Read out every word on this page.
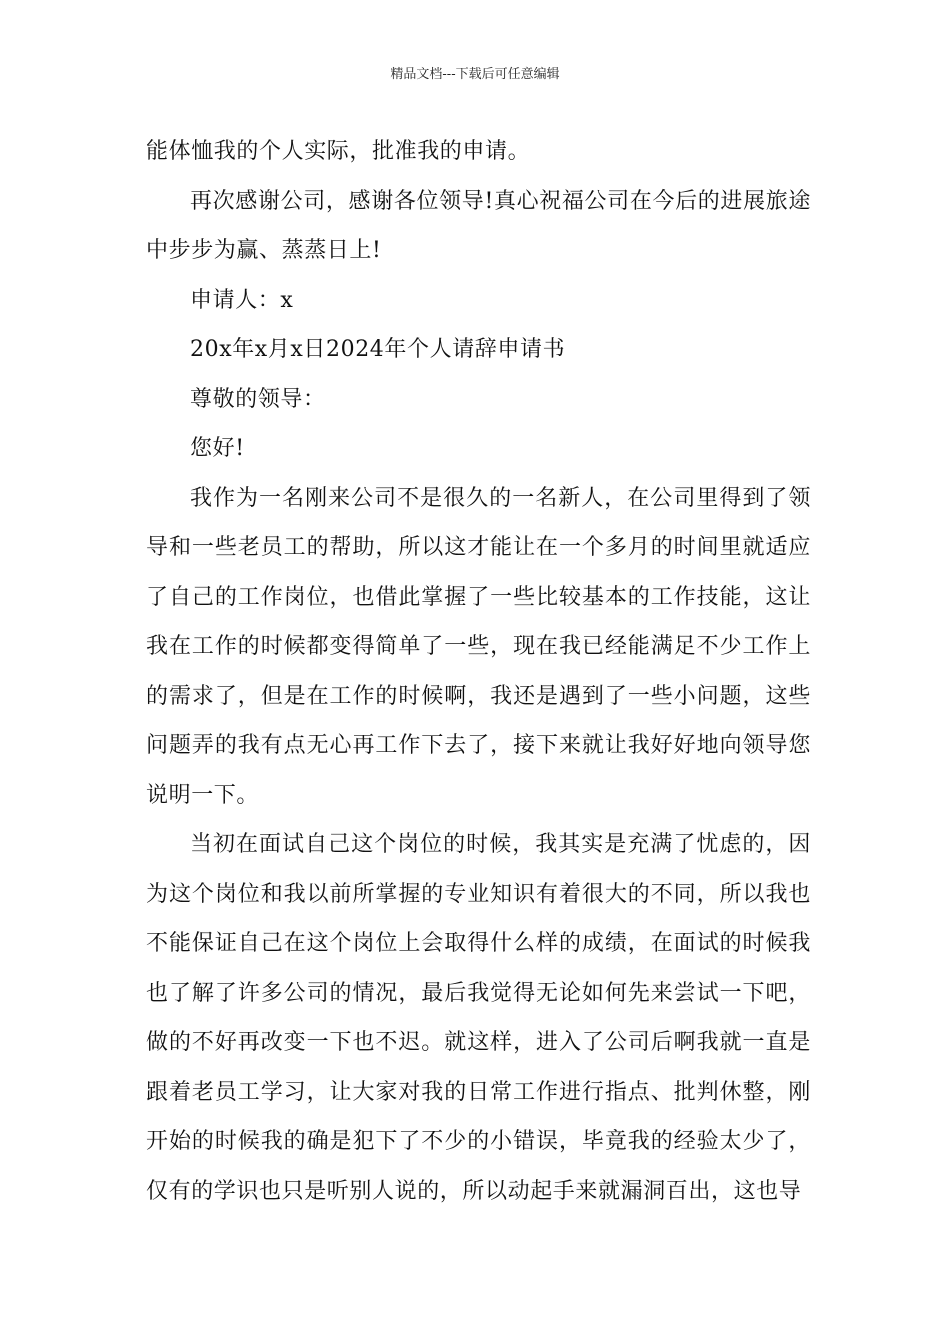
精品文档---下载后可任意编辑

能体恤我的个人实际，批准我的申请。

再次感谢公司，感谢各位领导!真心祝福公司在今后的进展旅途中步步为赢、蒸蒸日上!

申请人：x

20x年x月x日2024年个人请辞申请书

尊敬的领导：

您好!

我作为一名刚来公司不是很久的一名新人，在公司里得到了领导和一些老员工的帮助，所以这才能让在一个多月的时间里就适应了自己的工作岗位，也借此掌握了一些比较基本的工作技能，这让我在工作的时候都变得简单了一些，现在我已经能满足不少工作上的需求了，但是在工作的时候啊，我还是遇到了一些小问题，这些问题弄的我有点无心再工作下去了，接下来就让我好好地向领导您说明一下。

当初在面试自己这个岗位的时候，我其实是充满了忧虑的，因为这个岗位和我以前所掌握的专业知识有着很大的不同，所以我也不能保证自己在这个岗位上会取得什么样的成绩，在面试的时候我也了解了许多公司的情况，最后我觉得无论如何先来尝试一下吧，做的不好再改变一下也不迟。就这样，进入了公司后啊我就一直是跟着老员工学习，让大家对我的日常工作进行指点、批判休整，刚开始的时候我的确是犯下了不少的小错误，毕竟我的经验太少了，仅有的学识也只是听别人说的，所以动起手来就漏洞百出，这也导
